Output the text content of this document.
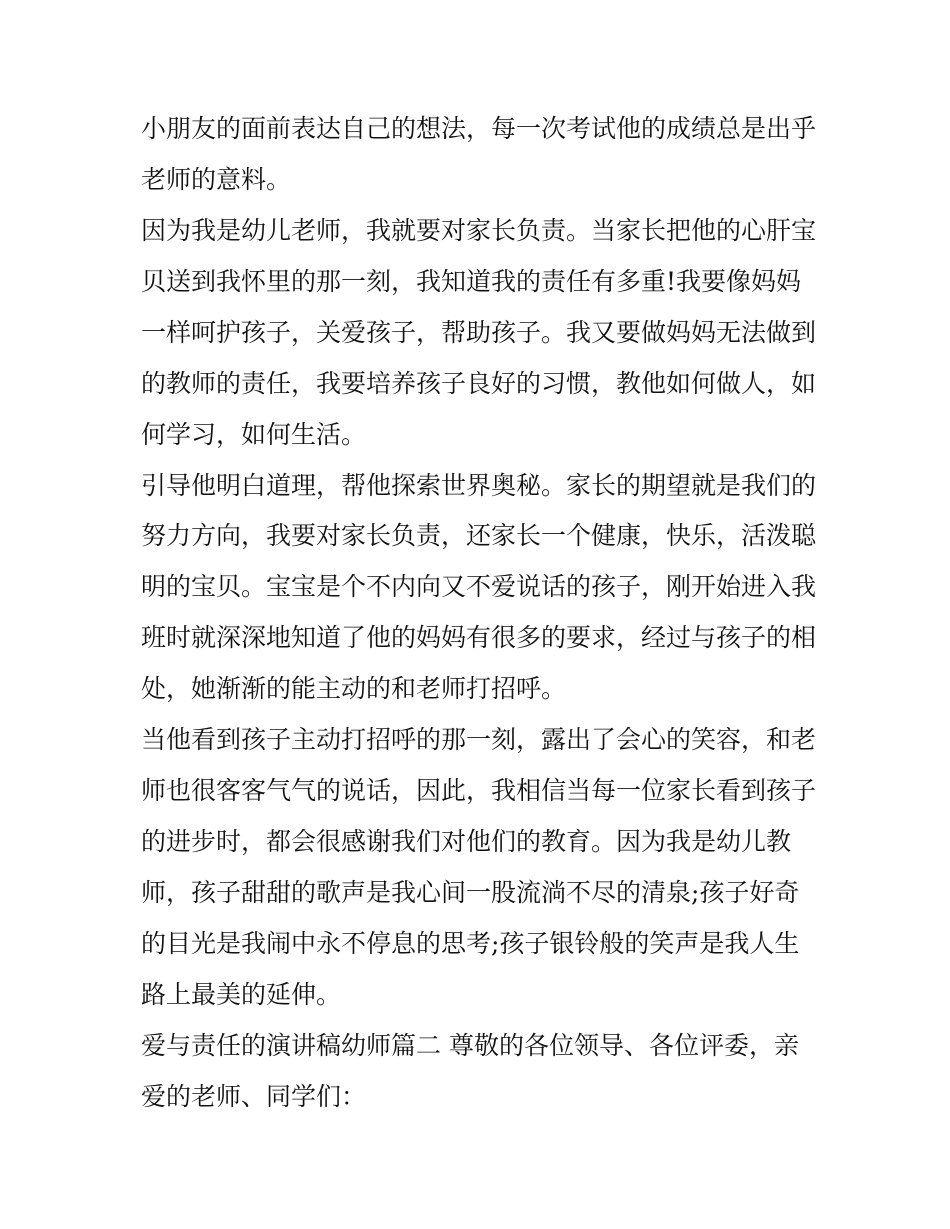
小朋友的面前表达自己的想法，每一次考试他的成绩总是出乎
老师的意料。
因为我是幼儿老师，我就要对家长负责。当家长把他的心肝宝
贝送到我怀里的那一刻，我知道我的责任有多重!我要像妈妈
一样呵护孩子，关爱孩子，帮助孩子。我又要做妈妈无法做到
的教师的责任，我要培养孩子良好的习惯，教他如何做人，如
何学习，如何生活。
引导他明白道理，帮他探索世界奥秘。家长的期望就是我们的
努力方向，我要对家长负责，还家长一个健康，快乐，活泼聪
明的宝贝。宝宝是个不内向又不爱说话的孩子，刚开始进入我
班时就深深地知道了他的妈妈有很多的要求，经过与孩子的相
处，她渐渐的能主动的和老师打招呼。
当他看到孩子主动打招呼的那一刻，露出了会心的笑容，和老
师也很客客气气的说话，因此，我相信当每一位家长看到孩子
的进步时，都会很感谢我们对他们的教育。因为我是幼儿教
师，孩子甜甜的歌声是我心间一股流淌不尽的清泉;孩子好奇
的目光是我闹中永不停息的思考;孩子银铃般的笑声是我人生
路上最美的延伸。
爱与责任的演讲稿幼师篇二 尊敬的各位领导、各位评委，亲
爱的老师、同学们：
